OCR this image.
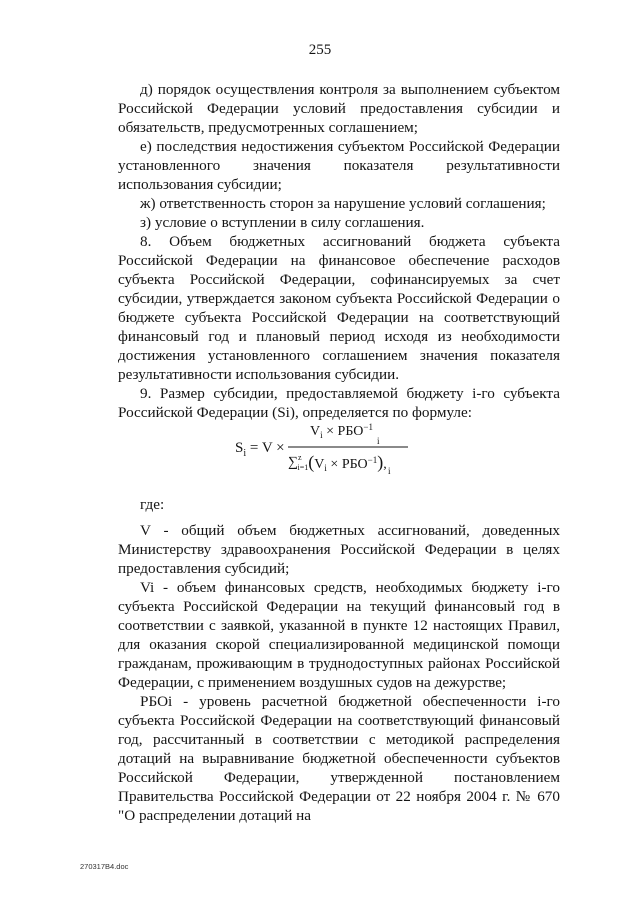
255

д) порядок осуществления контроля за выполнением субъектом Российской Федерации условий предоставления субсидии и обязательств, предусмотренных соглашением;

е) последствия недостижения субъектом Российской Федерации установленного значения показателя результативности использования субсидии;

ж) ответственность сторон за нарушение условий соглашения;

з) условие о вступлении в силу соглашения.

8. Объем бюджетных ассигнований бюджета субъекта Российской Федерации на финансовое обеспечение расходов субъекта Российской Федерации, софинансируемых за счет субсидии, утверждается законом субъекта Российской Федерации о бюджете субъекта Российской Федерации на соответствующий финансовый год и плановый период исходя из необходимости достижения установленного соглашением значения показателя результативности использования субсидии.

9. Размер субсидии, предоставляемой бюджету i-го субъекта Российской Федерации (Si), определяется по формуле:

$S_i = V$ ×
$V_i \times РБО^{-1}$
i
∑$^z$ $i=1(V_i \times РБО^{-1})$, i

где:

V - общий объем бюджетных ассигнований, доведенных Министерству здравоохранения Российской Федерации в целях предоставления субсидий;

Vi - объем финансовых средств, необходимых бюджету i-го субъекта Российской Федерации на текущий финансовый год в соответствии с заявкой, указанной в пункте 12 настоящих Правил, для оказания скорой специализированной медицинской помощи гражданам, проживающим в труднодоступных районах Российской Федерации, с применением воздушных судов на дежурстве;

РБОi - уровень расчетной бюджетной обеспеченности i-го субъекта Российской Федерации на соответствующий финансовый год, рассчитанный в соответствии с методикой распределения дотаций на выравнивание бюджетной обеспеченности субъектов Российской Федерации, утвержденной постановлением Правительства Российской Федерации от 22 ноября 2004 г. № 670 "О распределении дотаций на

270317В4.doc
